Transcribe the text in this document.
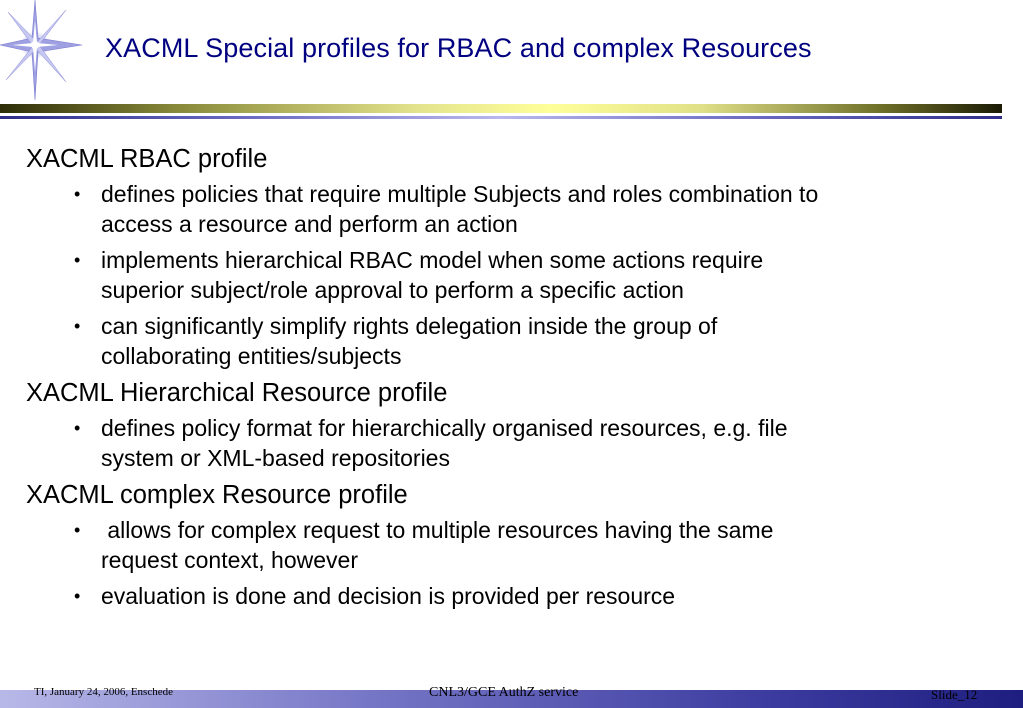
XACML Special profiles for RBAC and complex Resources

XACML RBAC profile

• defines policies that require multiple Subjects and roles combination to
access a resource and perform an action
• implements hierarchical RBAC model when some actions require
superior subject/role approval to perform a specific action
• can significantly simplify rights delegation inside the group of
collaborating entities/subjects

XACML Hierarchical Resource profile

• defines policy format for hierarchically organised resources, e.g. file
system or XML-based repositories

XACML complex Resource profile

• allows for complex request to multiple resources having the same
request context, however
• evaluation is done and decision is provided per resource
TI, January 24, 2006, Enschede	CNL3/GCE AuthZ service	Slide_12
